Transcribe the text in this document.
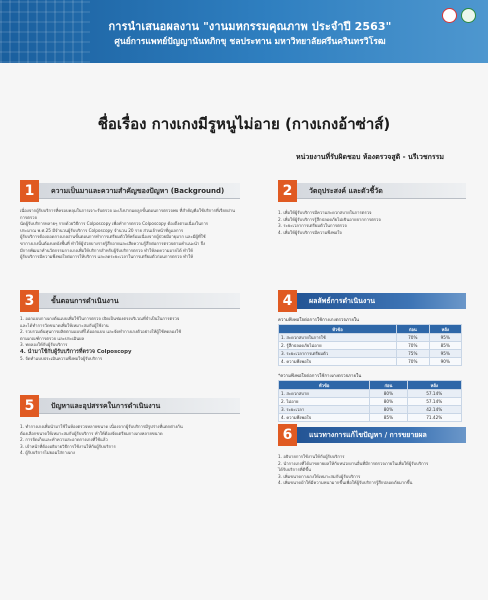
การนำเสนอผลงาน "งานมหกรรมคุณภาพ ประจำปี 2563"
ศูนย์การแพทย์ปัญญานันทภิกขุ ชลประทาน มหาวิทยาลัยศรีนครินทรวิโรฒ
ชื่อเรื่อง กางเกงมีรูหนูไม่อาย (กางเกงอ้าซ่าส์)
หน่วยงานที่รับผิดชอบ ห้องตรวจสูติ - นรีเวชกรรม
1	ความเป็นมาและความสำคัญของปัญหา (Background)

เนื่องจากผู้รับบริการที่ครอบคลุมในการเจาะรับตรวจ มะเร็งปากมดลูกขั้นตอนการตรวจพบ ที่สำคัญคือใช้บริการที่เรียกผ่านการตรวจ

นัดผู้รับบริการหลายๆ รายด้วยวิธีการ Colposcopy เพื่อทำการตรวจ Colposcopy ต้องถึงตามเนื่องในการ

ประมาณ พ.ศ.25 มีจำนวนผู้รับบริการ Colposcopy จำนวน 20 ราย ส่วนเจ้าหน้าที่ดูแลการ

ผู้รับบริการต้องถอดกางเกงผ่านขั้นตอนการทำการเตรียมตัวให้พร้อมเนื่องจากผู้ป่วยมีอายุมาก และมีผู้ที่ใช้

ขากางเกงนั้นต้องบดบังพื้นที่ ทำให้ผู้ป่วยบางรายรู้สึกอายและเสียความรู้สึกต่อการตรวจตามคำแนะนำ จึง

มีการพัฒนาทำนวัตกรรมกางเกงเพื่อให้บริการสำหรับผู้รับบริการตรวจ ทำให้ลดความอายได้ ทำให้

ผู้รับบริการมีความพึงพอใจต่อการให้บริการ และลดระยะเวลาในการเตรียมตัวก่อนการตรวจ ทำให้

2	วัตถุประสงค์ และตัวชี้วัด

1. เพื่อให้ผู้รับบริการมีความสะดวกสบายในการตรวจ

2. เพื่อให้ผู้รับบริการรู้สึกปลอดภัยไม่เขินอายจากการตรวจ

3. ระยะเวลาการเตรียมตัวในการตรวจ

4. เพื่อให้ผู้รับบริการมีความพึงพอใจ

3	ขั้นตอนการดำเนินงาน

1. ออกแบบกางเกงต้นแบบเพื่อใช้ในการตรวจ เปิดเป็นช่องตรงบริเวณที่จำเป็นในการตรวจ

และได้ทำการวัดขนาดเพื่อให้เหมาะสมกับผู้ใช้งาน

2. รวบรวมต้นทุนการผลิตตามแบบที่ได้ออกแบบ และจัดทำกางเกงตัวอย่างให้ผู้ใช้ทดลองใช้

ตามเกณฑ์การตรวจ และประเมินผล

3. ทดลองให้กับผู้รับบริการ

4. นำมาใช้กับผู้รับบริการที่ตรวจ Colposcopy

5. จัดทำแบบประเมินความพึงพอใจผู้รับบริการ

4	ผลลัพธ์การดำเนินงาน
ความพึงพอใจต่อการใช้กางเกงตรวจภายใน
หัวข้อ	ก่อน	หลัง
1. สะดวกสบายในการใช้	70%	95%
2. รู้สึกปลอดภัยไม่อาย	70%	85%
3. ระยะเวลาการเตรียมตัว	75%	95%
4. ความพึงพอใจ	70%	90%
*ความพึงพอใจต่อการใช้กางเกงตรวจภายใน
หัวข้อ	ก่อน	หลัง
1. สะดวกสบาย	80%	57.14%
2. ไม่อาย	80%	57.14%
3. ระยะเวลา	80%	42.14%
4. ความพึงพอใจ	85%	71.42%
5	ปัญหาและอุปสรรคในการดำเนินงาน

1. ทำกางเกงเพื่อนำมาใช้ในห้องตรวจหลายขนาด เนื่องจากผู้รับบริการมีรูปร่างที่แตกต่างกัน

ต้องเลือกขนาดให้เหมาะสมกับผู้รับบริการ ทำให้ต้องจัดเตรียมกางเกงหลายขนาด

2. การจัดเก็บและทำความสะอาดกางเกงที่ใช้แล้ว

3. เจ้าหน้าที่ต้องอธิบายวิธีการใช้งานให้กับผู้รับบริการ

4. ผู้รับบริการไม่ยอมใส่กางเกง

6	แนวทางการแก้ไขปัญหา / การขยายผล

1. อธิบายการใช้งานให้กับผู้รับบริการ

2. นำกางเกงที่ได้มาขยายผลให้กับหน่วยงานอื่นที่มีการตรวจภายในเพื่อให้ผู้รับบริการ

ได้รับบริการที่ดีขึ้น

3. เพิ่มขนาดกางเกงให้เหมาะสมกับผู้รับบริการ

4. เพิ่มขนาดผ้าให้มีความหนามากขึ้นเพื่อให้ผู้รับบริการรู้สึกปลอดภัยมากขึ้น
